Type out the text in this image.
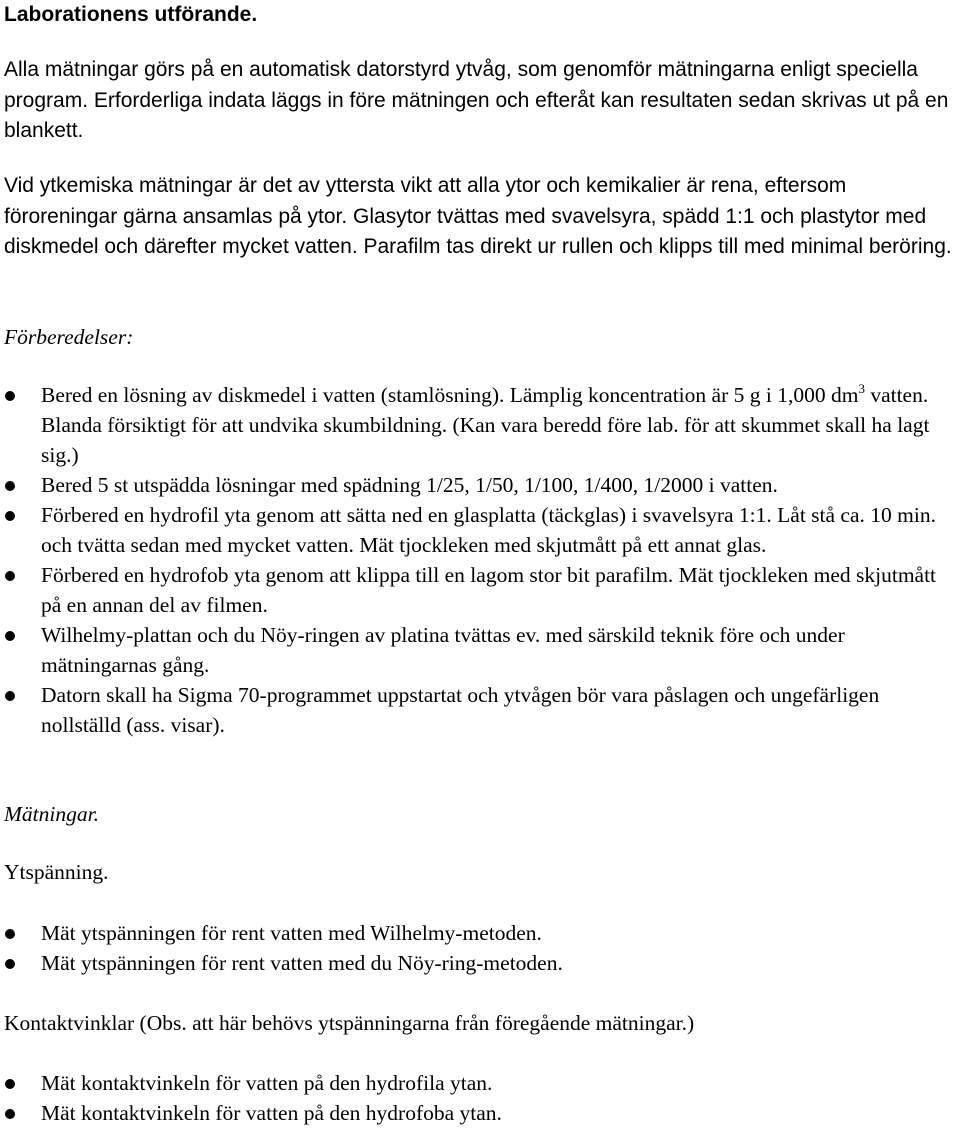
Laborationens utförande.

Alla mätningar görs på en automatisk datorstyrd ytvåg, som genomför mätningarna enligt speciella program. Erforderliga indata läggs in före mätningen och efteråt kan resultaten sedan skrivas ut på en blankett.

Vid ytkemiska mätningar är det av yttersta vikt att alla ytor och kemikalier är rena, eftersom föroreningar gärna ansamlas på ytor. Glasytor tvättas med svavelsyra, spädd 1:1 och plastytor med diskmedel och därefter mycket vatten. Parafilm tas direkt ur rullen och klipps till med minimal beröring.

Förberedelser:

Bered en lösning av diskmedel i vatten (stamlösning). Lämplig koncentration är 5 g i 1,000 $dm^3$ vatten. Blanda försiktigt för att undvika skumbildning. (Kan vara beredd före lab. för att skummet skall ha lagt sig.)
Bered 5 st utspädda lösningar med spädning 1/25, 1/50, 1/100, 1/400, 1/2000 i vatten.
Förbered en hydrofil yta genom att sätta ned en glasplatta (täckglas) i svavelsyra 1:1. Låt stå ca. 10 min. och tvätta sedan med mycket vatten. Mät tjockleken med skjutmått på ett annat glas.
Förbered en hydrofob yta genom att klippa till en lagom stor bit parafilm. Mät tjockleken med skjutmått på en annan del av filmen.
Wilhelmy-plattan och du Nöy-ringen av platina tvättas ev. med särskild teknik före och under mätningarnas gång.
Datorn skall ha Sigma 70-programmet uppstartat och ytvågen bör vara påslagen och ungefärligen nollställd (ass. visar).

Mätningar.

Ytspänning.

Mät ytspänningen för rent vatten med Wilhelmy-metoden.
Mät ytspänningen för rent vatten med du Nöy-ring-metoden.

Kontaktvinklar (Obs. att här behövs ytspänningarna från föregående mätningar.)

Mät kontaktvinkeln för vatten på den hydrofila ytan.
Mät kontaktvinkeln för vatten på den hydrofoba ytan.
